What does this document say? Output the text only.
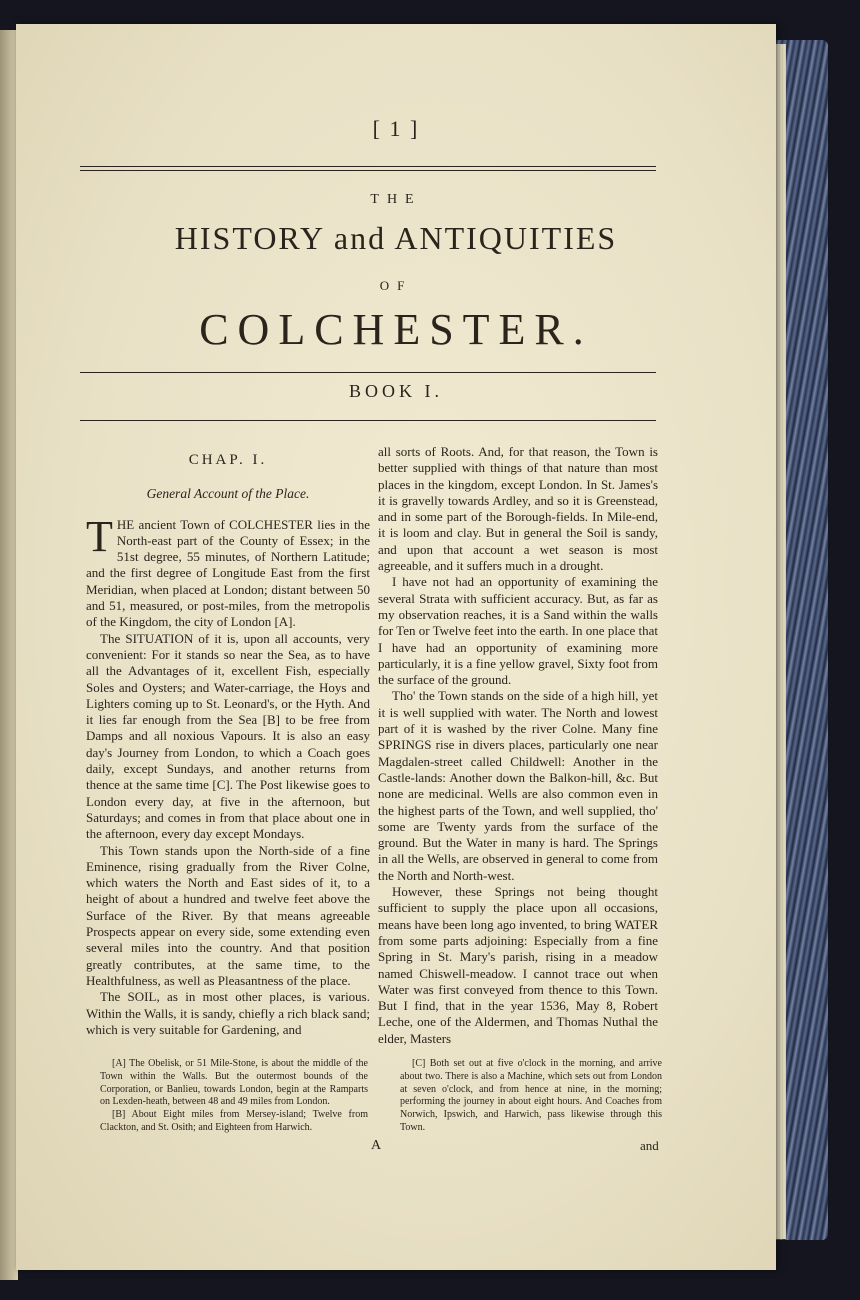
[ 1 ]
THE
HISTORY and ANTIQUITIES
OF
COLCHESTER.
BOOK I.
CHAP. I.
General Account of the Place.

THE ancient Town of COLCHESTER lies in the North-east part of the County of Essex; in the 51st degree, 55 minutes, of Northern Latitude; and the first degree of Longitude East from the first Meridian, when placed at London; distant between 50 and 51, measured, or post-miles, from the metropolis of the Kingdom, the city of London [A].

The SITUATION of it is, upon all accounts, very convenient: For it stands so near the Sea, as to have all the Advantages of it, excellent Fish, especially Soles and Oysters; and Water-carriage, the Hoys and Lighters coming up to St. Leonard's, or the Hyth. And it lies far enough from the Sea [B] to be free from Damps and all noxious Vapours. It is also an easy day's Journey from London, to which a Coach goes daily, except Sundays, and another returns from thence at the same time [C]. The Post likewise goes to London every day, at five in the afternoon, but Saturdays; and comes in from that place about one in the afternoon, every day except Mondays.

This Town stands upon the North-side of a fine Eminence, rising gradually from the River Colne, which waters the North and East sides of it, to a height of about a hundred and twelve feet above the Surface of the River. By that means agreeable Prospects appear on every side, some extending even several miles into the country. And that position greatly contributes, at the same time, to the Healthfulness, as well as Pleasantness of the place.

The SOIL, as in most other places, is various. Within the Walls, it is sandy, chiefly a rich black sand; which is very suitable for Gardening, and

all sorts of Roots. And, for that reason, the Town is better supplied with things of that nature than most places in the kingdom, except London. In St. James's it is gravelly towards Ardley, and so it is Greenstead, and in some part of the Borough-fields. In Mile-end, it is loom and clay. But in general the Soil is sandy, and upon that account a wet season is most agreeable, and it suffers much in a drought.

I have not had an opportunity of examining the several Strata with sufficient accuracy. But, as far as my observation reaches, it is a Sand within the walls for Ten or Twelve feet into the earth. In one place that I have had an opportunity of examining more particularly, it is a fine yellow gravel, Sixty foot from the surface of the ground.

Tho' the Town stands on the side of a high hill, yet it is well supplied with water. The North and lowest part of it is washed by the river Colne. Many fine SPRINGS rise in divers places, particularly one near Magdalen-street called Childwell: Another in the Castle-lands: Another down the Balkon-hill, &c. But none are medicinal. Wells are also common even in the highest parts of the Town, and well supplied, tho' some are Twenty yards from the surface of the ground. But the Water in many is hard. The Springs in all the Wells, are observed in general to come from the North and North-west.

However, these Springs not being thought sufficient to supply the place upon all occasions, means have been long ago invented, to bring WATER from some parts adjoining: Especially from a fine Spring in St. Mary's parish, rising in a meadow named Chiswell-meadow. I cannot trace out when Water was first conveyed from thence to this Town. But I find, that in the year 1536, May 8, Robert Leche, one of the Aldermen, and Thomas Nuthal the elder, Masters

[A] The Obelisk, or 51 Mile-Stone, is about the middle of the Town within the Walls. But the outermost bounds of the Corporation, or Banlieu, towards London, begin at the Ramparts on Lexden-heath, between 48 and 49 miles from London.

[B] About Eight miles from Mersey-island; Twelve from Clackton, and St. Osith; and Eighteen from Harwich.

[C] Both set out at five o'clock in the morning, and arrive about two. There is also a Machine, which sets out from London at seven o'clock, and from hence at nine, in the morning; performing the journey in about eight hours. And Coaches from Norwich, Ipswich, and Harwich, pass likewise through this Town.

A	and
